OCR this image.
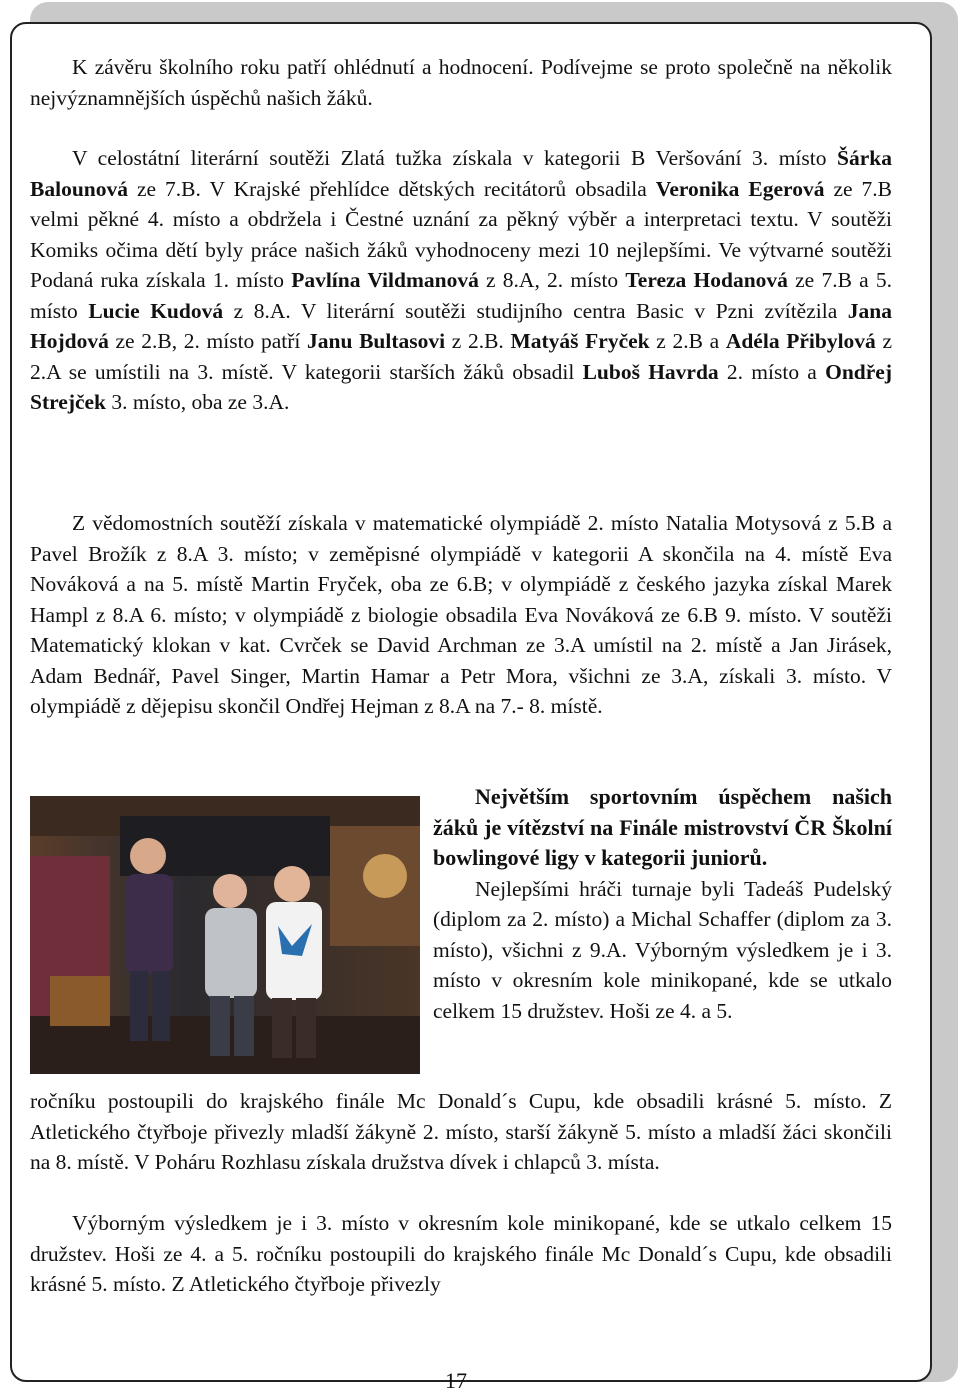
K závěru školního roku patří ohlédnutí a hodnocení. Podívejme se proto společně na několik nejvýznamnějších úspěchů našich žáků.

V celostátní literární soutěži Zlatá tužka získala v kategorii B Veršování 3. místo Šárka Balounová ze 7.B. V Krajské přehlídce dětských recitátorů obsadila Veronika Egerová ze 7.B velmi pěkné 4. místo a obdržela i Čestné uznání za pěkný výběr a interpretaci textu. V soutěži Komiks očima dětí byly práce našich žáků vyhodnoceny mezi 10 nejlepšími. Ve výtvarné soutěži Podaná ruka získala 1. místo Pavlína Vildmanová z 8.A, 2. místo Tereza Hodanová ze 7.B a 5. místo Lucie Kudová z 8.A. V literární soutěži studijního centra Basic v Pzni zvítězila Jana Hojdová ze 2.B, 2. místo patří Janu Bultasovi z 2.B. Matyáš Fryček z 2.B a Adéla Přibylová z 2.A se umístili na 3. místě. V kategorii starších žáků obsadil Luboš Havrda 2. místo a Ondřej Strejček 3. místo, oba ze 3.A.

Z vědomostních soutěží získala v matematické olympiádě 2. místo Natalia Motysová z 5.B a Pavel Brožík z 8.A 3. místo; v zeměpisné olympiádě v kategorii A skončila na 4. místě Eva Nováková a na 5. místě Martin Fryček, oba ze 6.B; v olympiádě z českého jazyka získal Marek Hampl z 8.A 6. místo; v olympiádě z biologie obsadila Eva Nováková ze 6.B 9. místo. V soutěži Matematický klokan v kat. Cvrček se David Archman ze 3.A umístil na 2. místě a Jan Jirásek, Adam Bednář, Pavel Singer, Martin Hamar a Petr Mora, všichni ze 3.A, získali 3. místo. V olympiádě z dějepisu skončil Ondřej Hejman z 8.A na 7.- 8. místě.

Největším sportovním úspěchem našich žáků je vítězství na Finále mistrovství ČR Školní bowlingové ligy v kategorii juniorů.

Nejlepšími hráči turnaje byli Tadeáš Pudelský (diplom za 2. místo) a Michal Schaffer (diplom za 3. místo), všichni z 9.A. Výborným výsledkem je i 3. místo v okresním kole minikopané, kde se utkalo celkem 15 družstev. Hoši ze 4. a 5.

ročníku postoupili do krajského finále Mc Donald´s Cupu, kde obsadili krásné 5. místo. Z Atletického čtyřboje přivezly mladší žákyně 2. místo, starší žákyně 5. místo a mladší žáci skončili na 8. místě. V Poháru Rozhlasu získala družstva dívek i chlapců 3. místa.

Výborným výsledkem je i 3. místo v okresním kole minikopané, kde se utkalo celkem 15 družstev. Hoši ze 4. a 5. ročníku postoupili do krajského finále Mc Donald´s Cupu, kde obsadili krásné 5. místo. Z Atletického čtyřboje přivezly

17
